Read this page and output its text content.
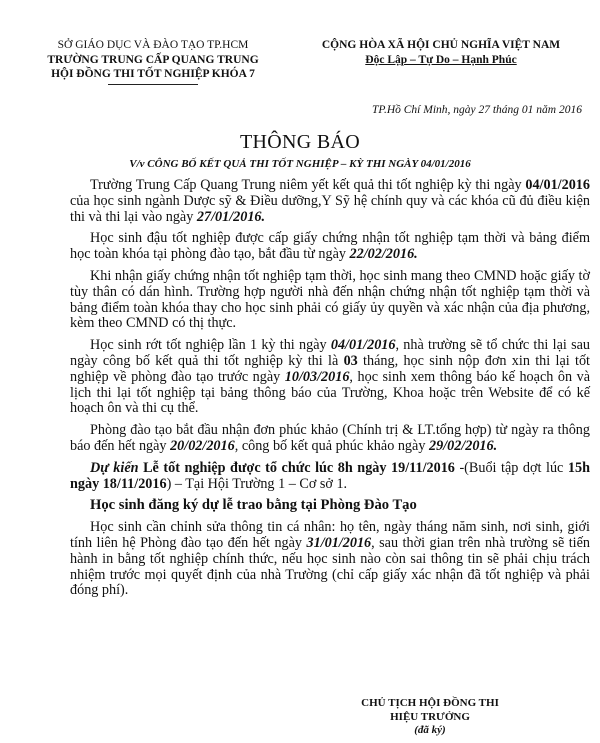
SỞ GIÁO DỤC VÀ ĐÀO TẠO TP.HCM
TRƯỜNG TRUNG CẤP QUANG TRUNG
HỘI ĐỒNG THI TỐT NGHIỆP KHÓA 7
CỘNG HÒA XÃ HỘI CHỦ NGHĨA VIỆT NAM
Độc Lập – Tự Do – Hạnh Phúc
TP.Hồ Chí Minh, ngày 27 tháng 01 năm 2016
THÔNG BÁO
V/v CÔNG BỐ KẾT QUẢ THI TỐT NGHIỆP – KỲ THI NGÀY 04/01/2016

Trường Trung Cấp Quang Trung niêm yết kết quả thi tốt nghiệp kỳ thi ngày 04/01/2016 của học sinh ngành Dược sỹ & Điều dưỡng,Y Sỹ hệ chính quy và các khóa cũ đủ điều kiện thi và thi lại vào ngày 27/01/2016.

Học sinh đậu tốt nghiệp được cấp giấy chứng nhận tốt nghiệp tạm thời và bảng điểm học toàn khóa tại phòng đào tạo, bắt đầu từ ngày 22/02/2016.

Khi nhận giấy chứng nhận tốt nghiệp tạm thời, học sinh mang theo CMND hoặc giấy tờ tùy thân có dán hình. Trường hợp người nhà đến nhận chứng nhận tốt nghiệp tạm thời và bảng điểm toàn khóa thay cho học sinh phải có giấy ủy quyền và xác nhận của địa phương, kèm theo CMND có thị thực.

Học sinh rớt tốt nghiệp lần 1 kỳ thi ngày 04/01/2016, nhà trường sẽ tổ chức thi lại sau ngày công bố kết quả thi tốt nghiệp kỳ thi là 03 tháng, học sinh nộp đơn xin thi lại tốt nghiệp về phòng đào tạo trước ngày 10/03/2016, học sinh xem thông báo kế hoạch ôn và lịch thi lại tốt nghiệp tại bảng thông báo của Trường, Khoa hoặc trên Website để có kế hoạch ôn và thi cụ thể.

Phòng đào tạo bắt đầu nhận đơn phúc khảo (Chính trị & LT.tổng hợp) từ ngày ra thông báo đến hết ngày 20/02/2016, công bố kết quả phúc khảo ngày 29/02/2016.

Dự kiến Lễ tốt nghiệp được tổ chức lúc 8h ngày 19/11/2016 -(Buổi tập dợt lúc 15h ngày 18/11/2016) – Tại Hội Trường 1 – Cơ sở 1.

Học sinh đăng ký dự lễ trao bằng tại Phòng Đào Tạo

Học sinh cần chỉnh sửa thông tin cá nhân: họ tên, ngày tháng năm sinh, nơi sinh, giới tính liên hệ Phòng đào tạo đến hết ngày 31/01/2016, sau thời gian trên nhà trường sẽ tiến hành in bằng tốt nghiệp chính thức, nếu học sinh nào còn sai thông tin sẽ phải chịu trách nhiệm trước mọi quyết định của nhà Trường (chỉ cấp giấy xác nhận đã tốt nghiệp và phải đóng phí).

CHỦ TỊCH HỘI ĐỒNG THI
HIỆU TRƯỞNG
(đã ký)
